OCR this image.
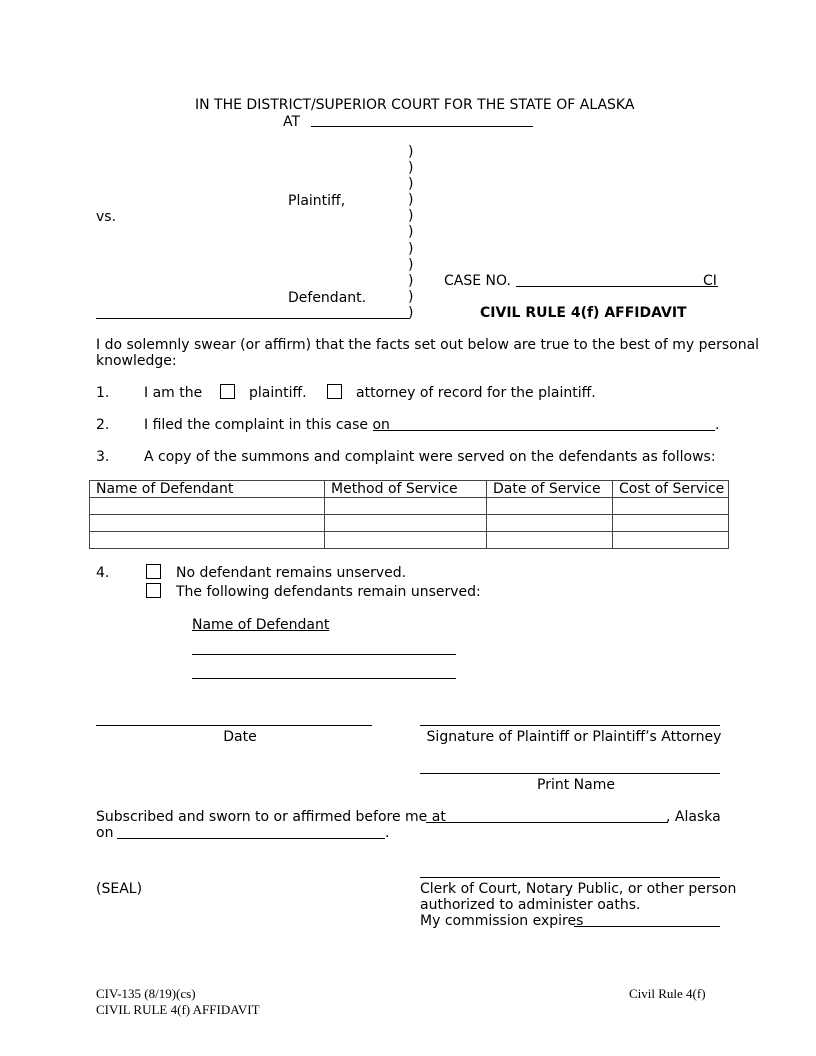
IN THE DISTRICT/SUPERIOR COURT FOR THE STATE OF ALASKA
AT
Plaintiff,
vs.
Defendant.
)
)
)
)
)
)
)
)
)
)
)
CASE NO.	CI
CIVIL RULE 4(f) AFFIDAVIT
I do solemnly swear (or affirm) that the facts set out below are true to the best of my personal
knowledge:
1. I am the	plaintiff.	attorney of record for the plaintiff.
2. I filed the complaint in this case on	.
3. A copy of the summons and complaint were served on the defendants as follows:
Name of Defendant	Method of Service	Date of Service	Cost of Service

4.	No defendant remains unserved.
The following defendants remain unserved:
Name of Defendant
Date	Signature of Plaintiff or Plaintiff’s Attorney
Print Name
Subscribed and sworn to or affirmed before me at	, Alaska
on	.
(SEAL)	Clerk of Court, Notary Public, or other person
authorized to administer oaths.
My commission expires
CIV-135 (8/19)(cs)
CIVIL RULE 4(f) AFFIDAVIT
Civil Rule 4(f)
